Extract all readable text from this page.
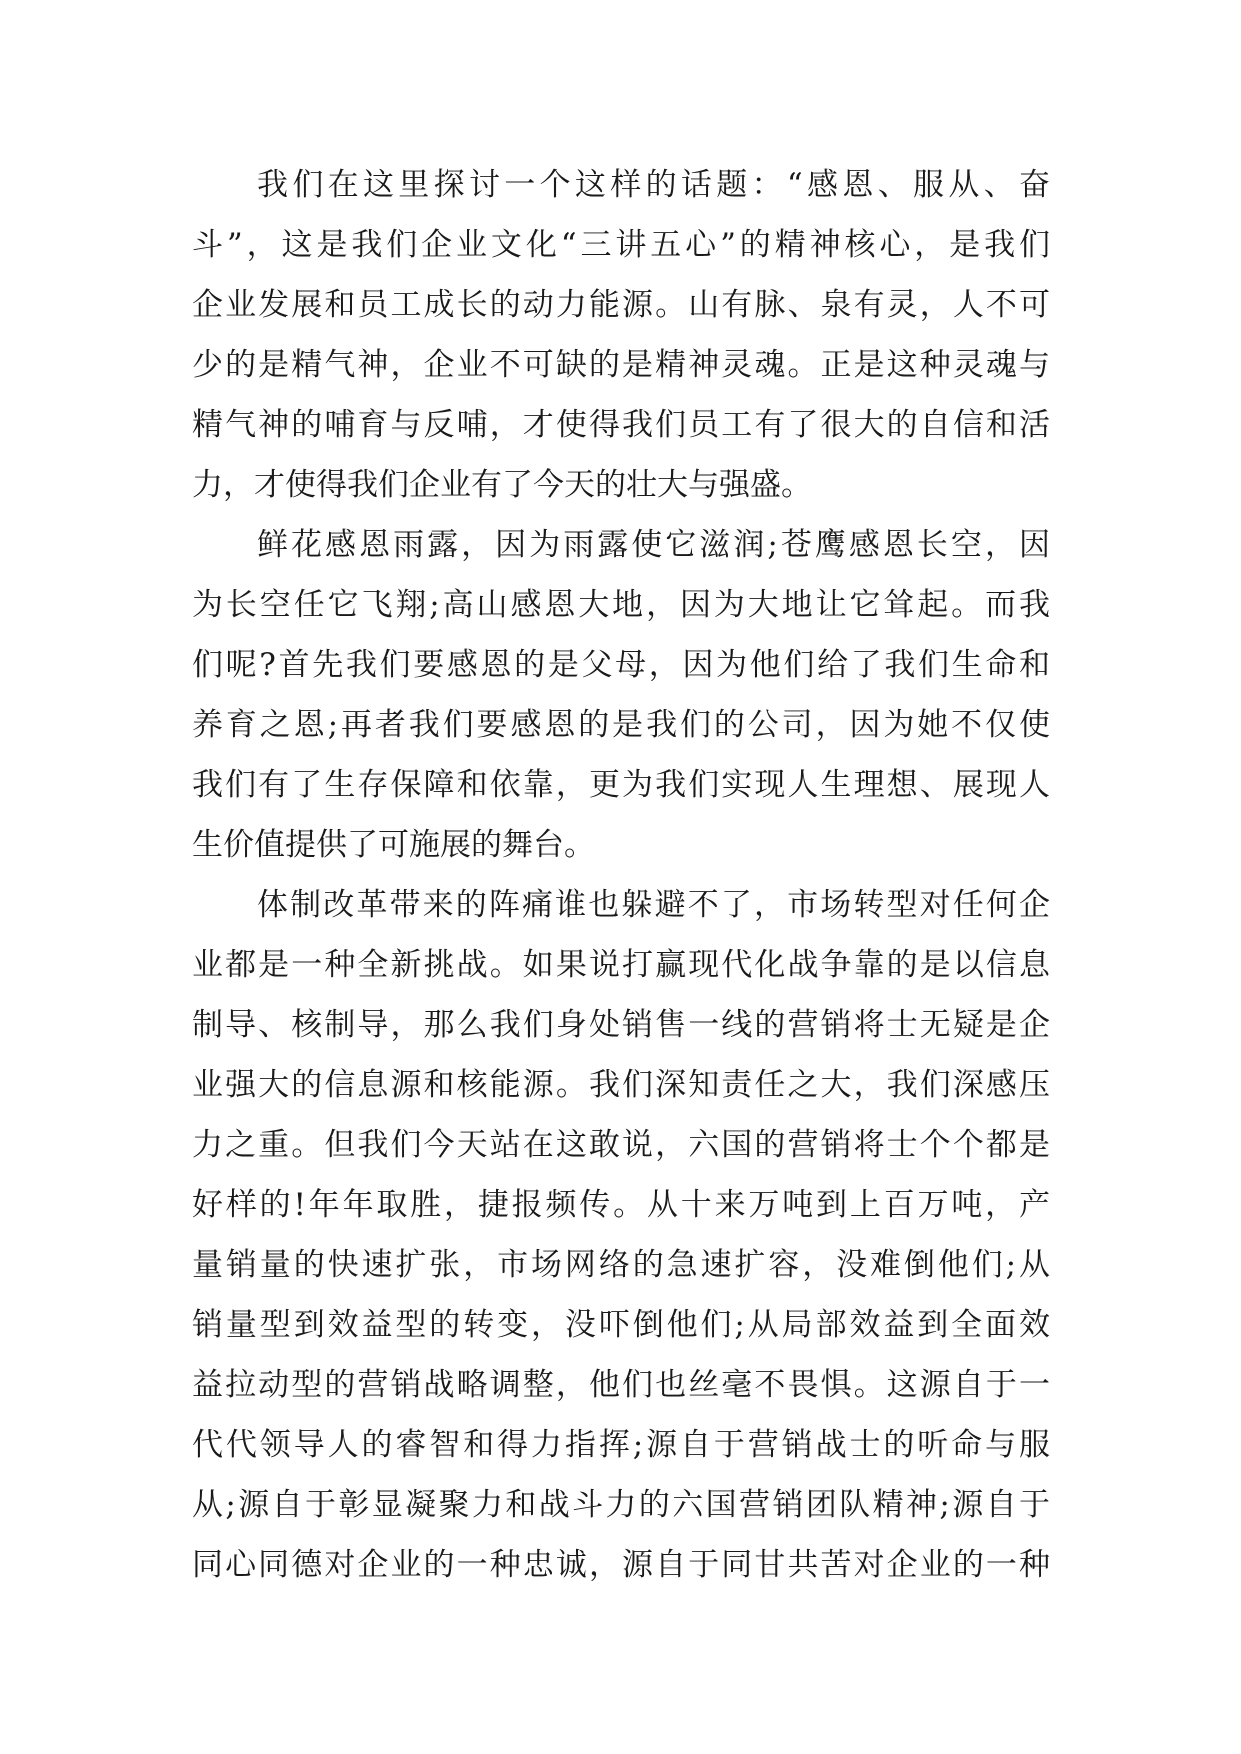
我们在这里探讨一个这样的话题：“感恩、服从、奋
斗”，这是我们企业文化“三讲五心”的精神核心，是我们
企业发展和员工成长的动力能源。山有脉、泉有灵，人不可
少的是精气神，企业不可缺的是精神灵魂。正是这种灵魂与
精气神的哺育与反哺，才使得我们员工有了很大的自信和活
力，才使得我们企业有了今天的壮大与强盛。
鲜花感恩雨露，因为雨露使它滋润;苍鹰感恩长空，因
为长空任它飞翔;高山感恩大地，因为大地让它耸起。而我
们呢?首先我们要感恩的是父母，因为他们给了我们生命和
养育之恩;再者我们要感恩的是我们的公司，因为她不仅使
我们有了生存保障和依靠，更为我们实现人生理想、展现人
生价值提供了可施展的舞台。
体制改革带来的阵痛谁也躲避不了，市场转型对任何企
业都是一种全新挑战。如果说打赢现代化战争靠的是以信息
制导、核制导，那么我们身处销售一线的营销将士无疑是企
业强大的信息源和核能源。我们深知责任之大，我们深感压
力之重。但我们今天站在这敢说，六国的营销将士个个都是
好样的!年年取胜，捷报频传。从十来万吨到上百万吨，产
量销量的快速扩张，市场网络的急速扩容，没难倒他们;从
销量型到效益型的转变，没吓倒他们;从局部效益到全面效
益拉动型的营销战略调整，他们也丝毫不畏惧。这源自于一
代代领导人的睿智和得力指挥;源自于营销战士的听命与服
从;源自于彰显凝聚力和战斗力的六国营销团队精神;源自于
同心同德对企业的一种忠诚，源自于同甘共苦对企业的一种
